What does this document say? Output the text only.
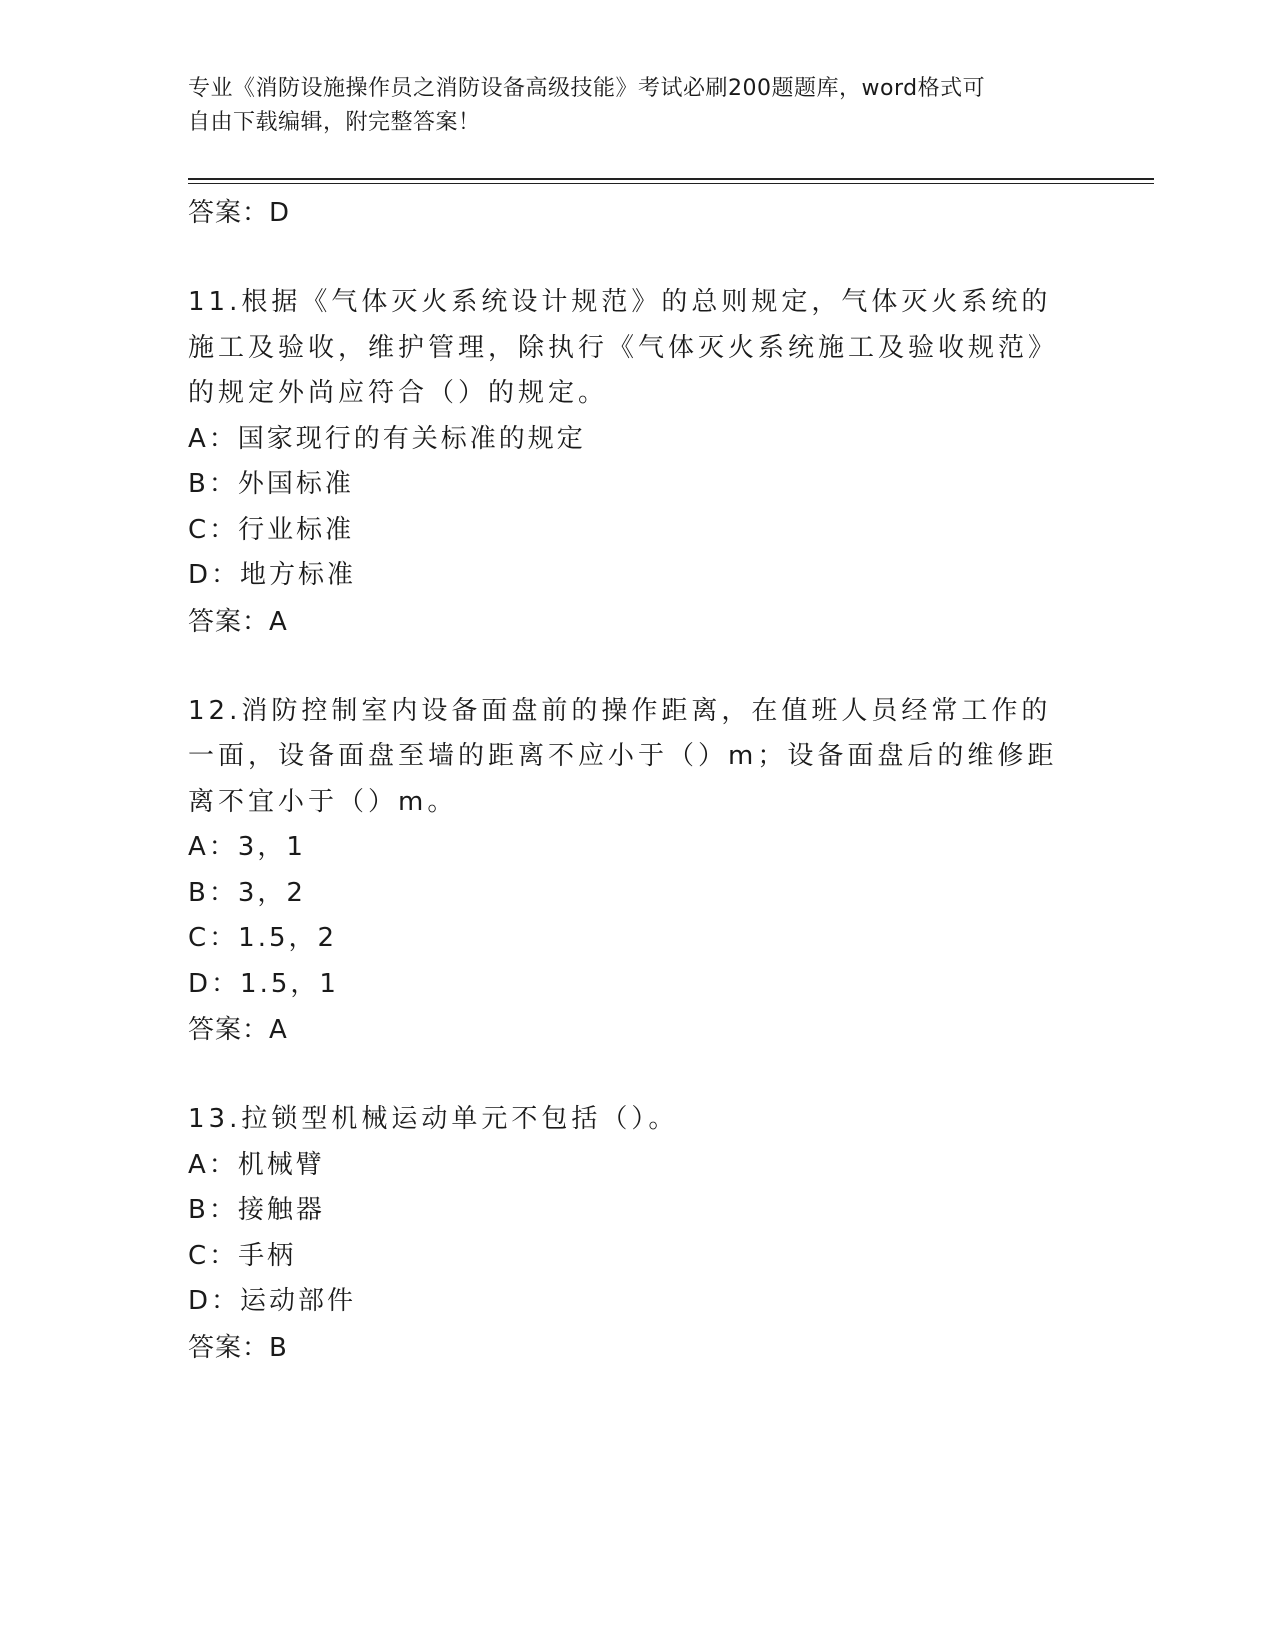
专业《消防设施操作员之消防设备高级技能》考试必刷200题题库，word格式可
自由下载编辑，附完整答案！

答案：D

11.根据《气体灭火系统设计规范》的总则规定，气体灭火系统的施工及验收，维护管理，除执行《气体灭火系统施工及验收规范》的规定外尚应符合（）的规定。

A：国家现行的有关标准的规定

B：外国标准

C：行业标准

D：地方标准

答案：A

12.消防控制室内设备面盘前的操作距离，在值班人员经常工作的一面，设备面盘至墙的距离不应小于（）m；设备面盘后的维修距离不宜小于（）m。

A：3，1

B：3，2

C：1.5，2

D：1.5，1

答案：A

13.拉锁型机械运动单元不包括（）。

A：机械臂

B：接触器

C：手柄

D：运动部件

答案：B
